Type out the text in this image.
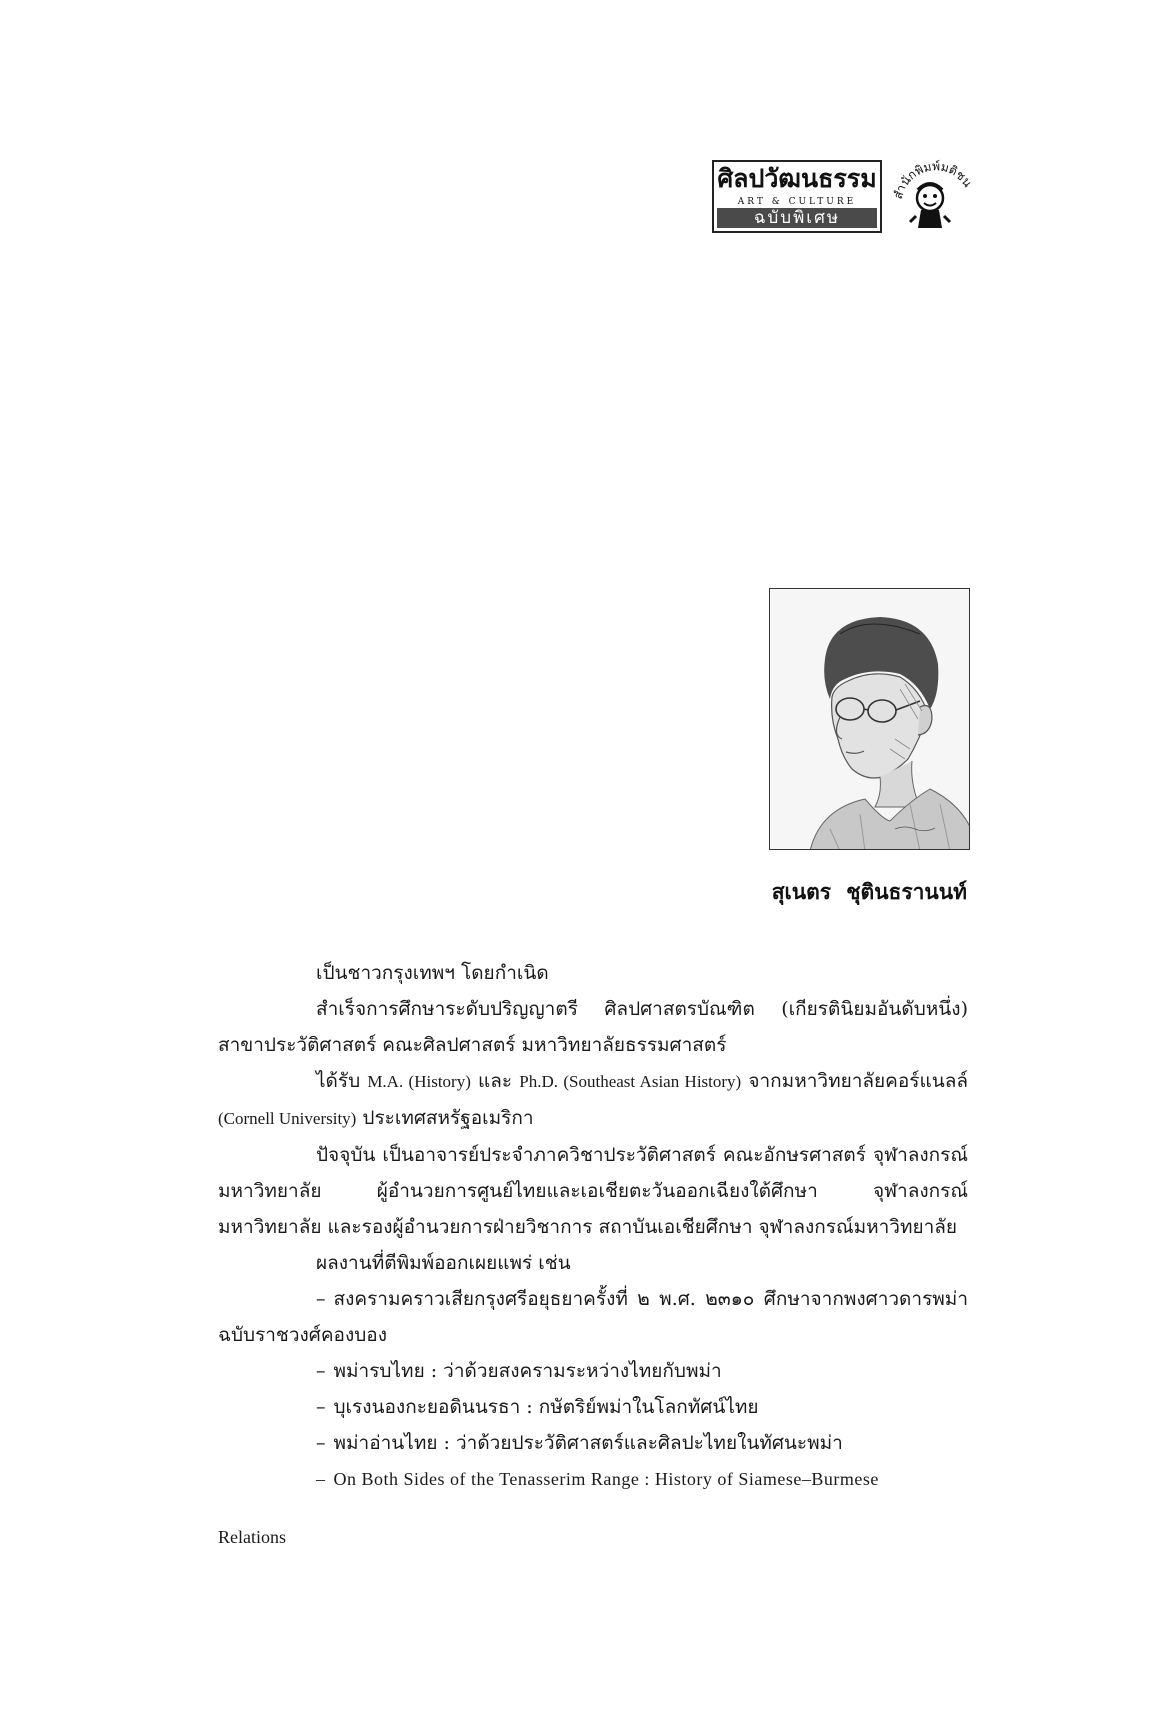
ศิลปวัฒนธรรม
ART & CULTURE
ฉบับพิเศษ
สำนักพิมพ์มติชน
สุเนตร ชุตินธรานนท์

เป็นชาวกรุงเทพฯ โดยกำเนิด

สำเร็จการศึกษาระดับปริญญาตรี ศิลปศาสตรบัณฑิต (เกียรตินิยมอันดับหนึ่ง) สาขาประวัติศาสตร์ คณะศิลปศาสตร์ มหาวิทยาลัยธรรมศาสตร์

ได้รับ M.A. (History) และ Ph.D. (Southeast Asian History) จากมหาวิทยาลัยคอร์แนลล์ (Cornell University) ประเทศสหรัฐอเมริกา

ปัจจุบัน เป็นอาจารย์ประจำภาควิชาประวัติศาสตร์ คณะอักษรศาสตร์ จุฬาลงกรณ์มหาวิทยาลัย ผู้อำนวยการศูนย์ไทยและเอเชียตะวันออกเฉียงใต้ศึกษา จุฬาลงกรณ์มหาวิทยาลัย และรองผู้อำนวยการฝ่ายวิชาการ สถาบันเอเชียศึกษา จุฬาลงกรณ์มหาวิทยาลัย

ผลงานที่ตีพิมพ์ออกเผยแพร่ เช่น

– สงครามคราวเสียกรุงศรีอยุธยาครั้งที่ ๒ พ.ศ. ๒๓๑๐ ศึกษาจากพงศาวดารพม่าฉบับราชวงศ์คองบอง

– พม่ารบไทย : ว่าด้วยสงครามระหว่างไทยกับพม่า

– บุเรงนองกะยอดินนรธา : กษัตริย์พม่าในโลกทัศน์ไทย

– พม่าอ่านไทย : ว่าด้วยประวัติศาสตร์และศิลปะไทยในทัศนะพม่า

– On Both Sides of the Tenasserim Range : History of Siamese–Burmese

Relations
